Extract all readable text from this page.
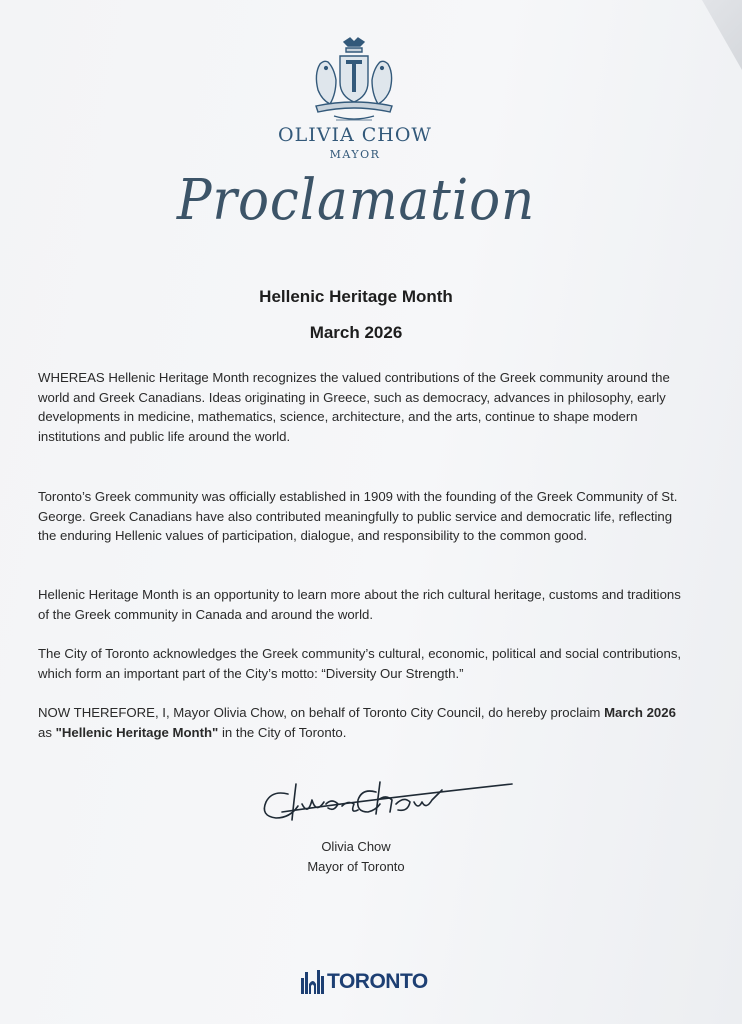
OLIVIA CHOW
MAYOR
Proclamation
Hellenic Heritage Month
March 2026

WHEREAS Hellenic Heritage Month recognizes the valued contributions of the Greek community around the world and Greek Canadians. Ideas originating in Greece, such as democracy, advances in philosophy, early developments in medicine, mathematics, science, architecture, and the arts, continue to shape modern institutions and public life around the world.

Toronto’s Greek community was officially established in 1909 with the founding of the Greek Community of St. George. Greek Canadians have also contributed meaningfully to public service and democratic life, reflecting the enduring Hellenic values of participation, dialogue, and responsibility to the common good.

Hellenic Heritage Month is an opportunity to learn more about the rich cultural heritage, customs and traditions of the Greek community in Canada and around the world.

The City of Toronto acknowledges the Greek community’s cultural, economic, political and social contributions, which form an important part of the City’s motto: “Diversity Our Strength.”

NOW THEREFORE, I, Mayor Olivia Chow, on behalf of Toronto City Council, do hereby proclaim March 2026 as "Hellenic Heritage Month" in the City of Toronto.

Olivia Chow
Mayor of Toronto
TORONTO
